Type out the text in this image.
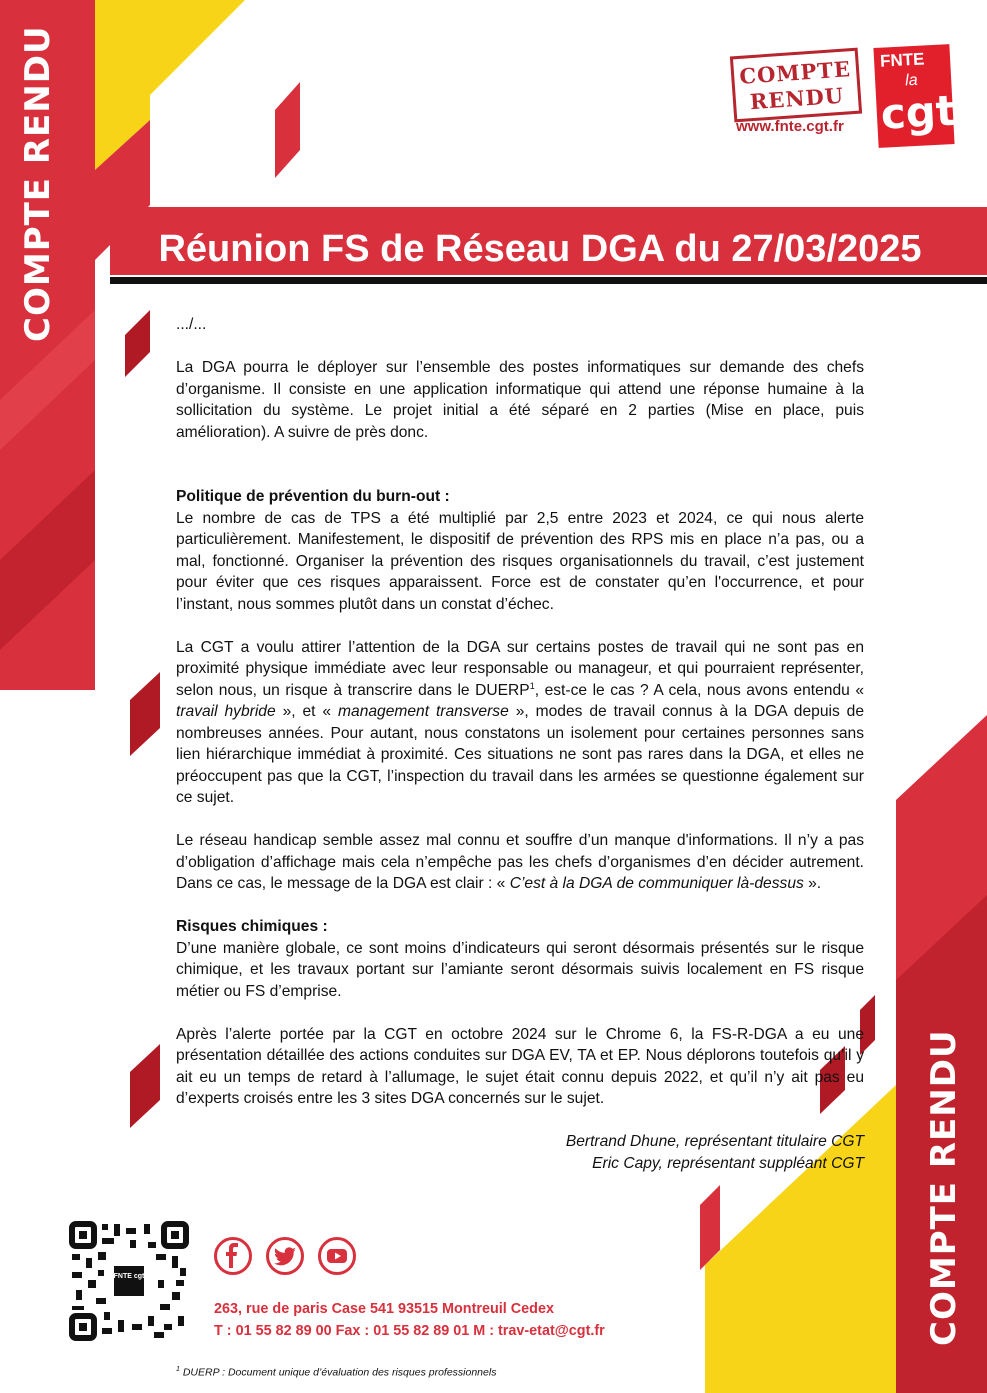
COMPTE RENDU
COMPTE RENDU
COMPTE
RENDU
www.fnte.cgt.fr
FNTE
la
cgt
Réunion FS de Réseau DGA du 27/03/2025

.../...

La DGA pourra le déployer sur l’ensemble des postes informatiques sur demande des chefs d’organisme. Il consiste en une application informatique qui attend une réponse humaine à la sollicitation du système. Le projet initial a été séparé en 2 parties (Mise en place, puis amélioration). A suivre de près donc.

Politique de prévention du burn-out :

Le nombre de cas de TPS a été multiplié par 2,5 entre 2023 et 2024, ce qui nous alerte particulièrement. Manifestement, le dispositif de prévention des RPS mis en place n’a pas, ou a mal, fonctionné. Organiser la prévention des risques organisationnels du travail, c’est justement pour éviter que ces risques apparaissent. Force est de constater qu’en l'occurrence, et pour l’instant, nous sommes plutôt dans un constat d’échec.

La CGT a voulu attirer l’attention de la DGA sur certains postes de travail qui ne sont pas en proximité physique immédiate avec leur responsable ou manageur, et qui pourraient représenter, selon nous, un risque à transcrire dans le DUERP$^1$, est-ce le cas ? A cela, nous avons entendu « travail hybride », et « management transverse », modes de travail connus à la DGA depuis de nombreuses années. Pour autant, nous constatons un isolement pour certaines personnes sans lien hiérarchique immédiat à proximité. Ces situations ne sont pas rares dans la DGA, et elles ne préoccupent pas que la CGT, l’inspection du travail dans les armées se questionne également sur ce sujet.

Le réseau handicap semble assez mal connu et souffre d’un manque d'informations. Il n’y a pas d’obligation d’affichage mais cela n’empêche pas les chefs d’organismes d’en décider autrement. Dans ce cas, le message de la DGA est clair : « C’est à la DGA de communiquer là-dessus ».

Risques chimiques :

D’une manière globale, ce sont moins d’indicateurs qui seront désormais présentés sur le risque chimique, et les travaux portant sur l’amiante seront désormais suivis localement en FS risque métier ou FS d’emprise.

Après l’alerte portée par la CGT en octobre 2024 sur le Chrome 6, la FS-R-DGA a eu une présentation détaillée des actions conduites sur DGA EV, TA et EP. Nous déplorons toutefois qu’il y ait eu un temps de retard à l’allumage, le sujet était connu depuis 2022, et qu’il n’y ait pas eu d’experts croisés entre les 3 sites DGA concernés sur le sujet.

Bertrand Dhune, représentant titulaire CGT

Eric Capy, représentant suppléant CGT

FNTE cgt
263, rue de paris Case 541 93515 Montreuil Cedex
T : 01 55 82 89 00 Fax : 01 55 82 89 01 M : trav-etat@cgt.fr
$^1$ DUERP : Document unique d’évaluation des risques professionnels
